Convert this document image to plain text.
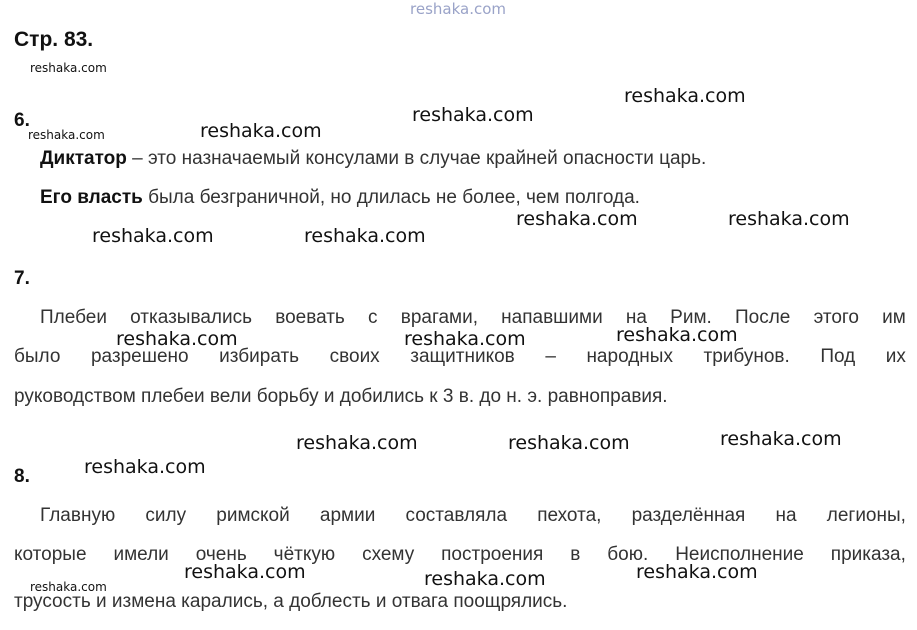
reshaka.com
Стр. 83.
6.
Диктатор – это назначаемый консулами в случае крайней опасности царь.
Его власть была безграничной, но длилась не более, чем полгода.
7.
Плебеи отказывались воевать с врагами, напавшими на Рим. После этого им
было разрешено избирать своих защитников – народных трибунов. Под их
руководством плебеи вели борьбу и добились к 3 в. до н. э. равноправия.
8.
Главную силу римской армии составляла пехота, разделённая на легионы,
которые имели очень чёткую схему построения в бою. Неисполнение приказа,
трусость и измена карались, а доблесть и отвага поощрялись.
reshaka.com
reshaka.com
reshaka.com
reshaka.com
reshaka.com
reshaka.com
reshaka.com	reshaka.com
reshaka.com	reshaka.com
reshaka.com
reshaka.com	reshaka.com
reshaka.com
reshaka.com	reshaka.com
reshaka.com
reshaka.com	reshaka.com
reshaka.com
